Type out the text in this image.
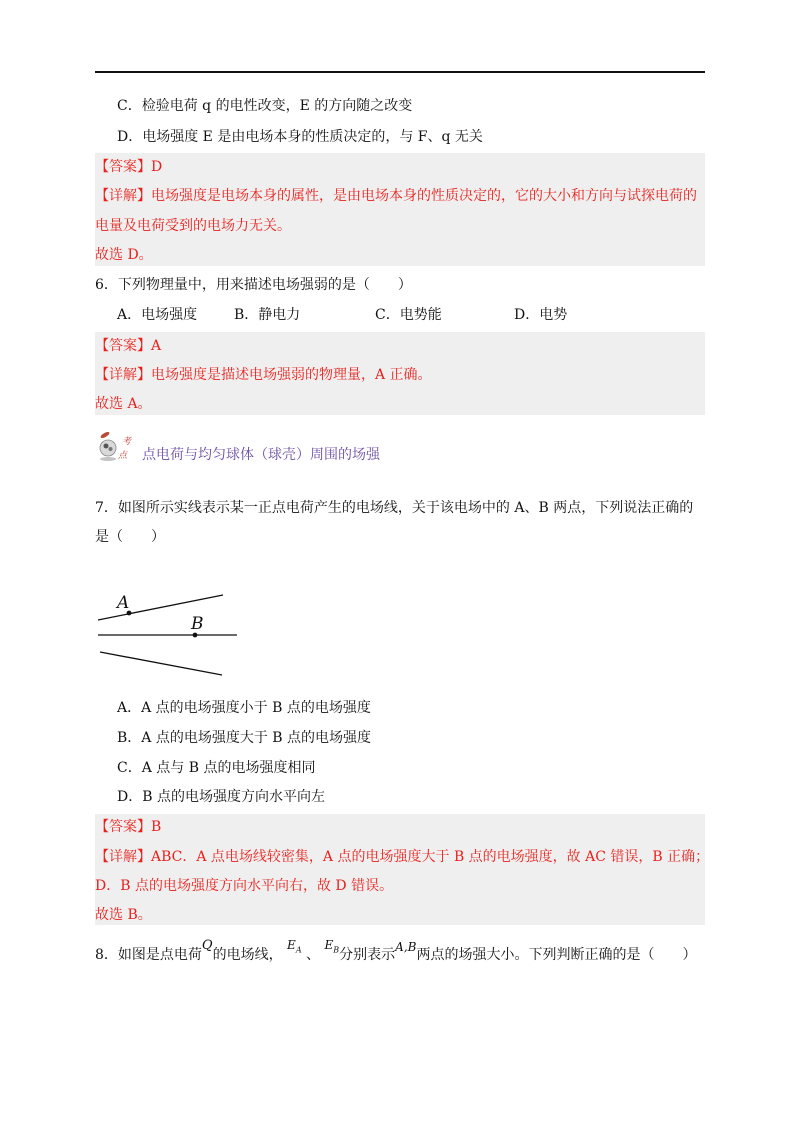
C．检验电荷 q 的电性改变，E 的方向随之改变
D．电场强度 E 是由电场本身的性质决定的，与 F、q 无关
【答案】D
【详解】电场强度是电场本身的属性，是由电场本身的性质决定的，它的大小和方向与试探电荷的
电量及电荷受到的电场力无关。
故选 D。
6．下列物理量中，用来描述电场强弱的是（　　）
A．电场强度	B．静电力	C．电势能	D．电势
【答案】A
【详解】电场强度是描述电场强弱的物理量，A 正确。
故选 A。
考
点 点电荷与均匀球体（球壳）周围的场强
7．如图所示实线表示某一正点电荷产生的电场线，关于该电场中的 A、B 两点，下列说法正确的
是（　　）
A
B
A．A 点的电场强度小于 B 点的电场强度
B．A 点的电场强度大于 B 点的电场强度
C．A 点与 B 点的电场强度相同
D．B 点的电场强度方向水平向左
【答案】B
【详解】ABC．A 点电场线较密集，A 点的电场强度大于 B 点的电场强度，故 AC 错误，B 正确；
D．B 点的电场强度方向水平向右，故 D 错误。
故选 B。
8．如图是点电荷Q的电场线， $E_A$ 、 $E_B$分别表示A,B两点的场强大小。下列判断正确的是（　　）
